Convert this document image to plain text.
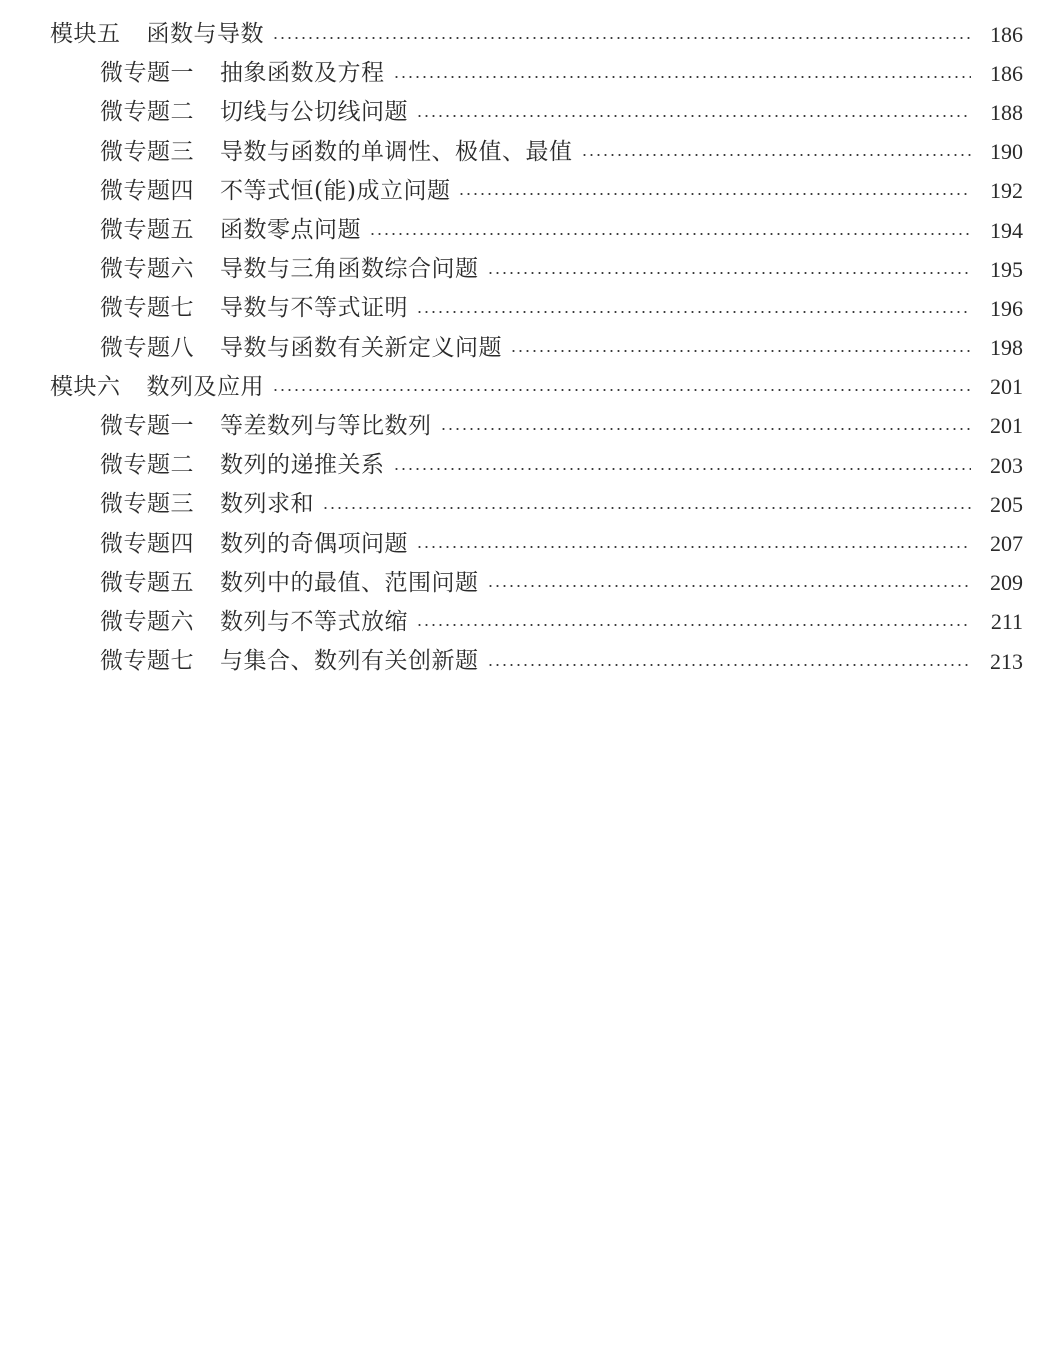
模块五 函数与导数	186
微专题一 抽象函数及方程	186
微专题二 切线与公切线问题	188
微专题三 导数与函数的单调性、极值、最值	190
微专题四 不等式恒(能)成立问题	192
微专题五 函数零点问题	194
微专题六 导数与三角函数综合问题	195
微专题七 导数与不等式证明	196
微专题八 导数与函数有关新定义问题	198
模块六 数列及应用	201
微专题一 等差数列与等比数列	201
微专题二 数列的递推关系	203
微专题三 数列求和	205
微专题四 数列的奇偶项问题	207
微专题五 数列中的最值、范围问题	209
微专题六 数列与不等式放缩	211
微专题七 与集合、数列有关创新题	213
